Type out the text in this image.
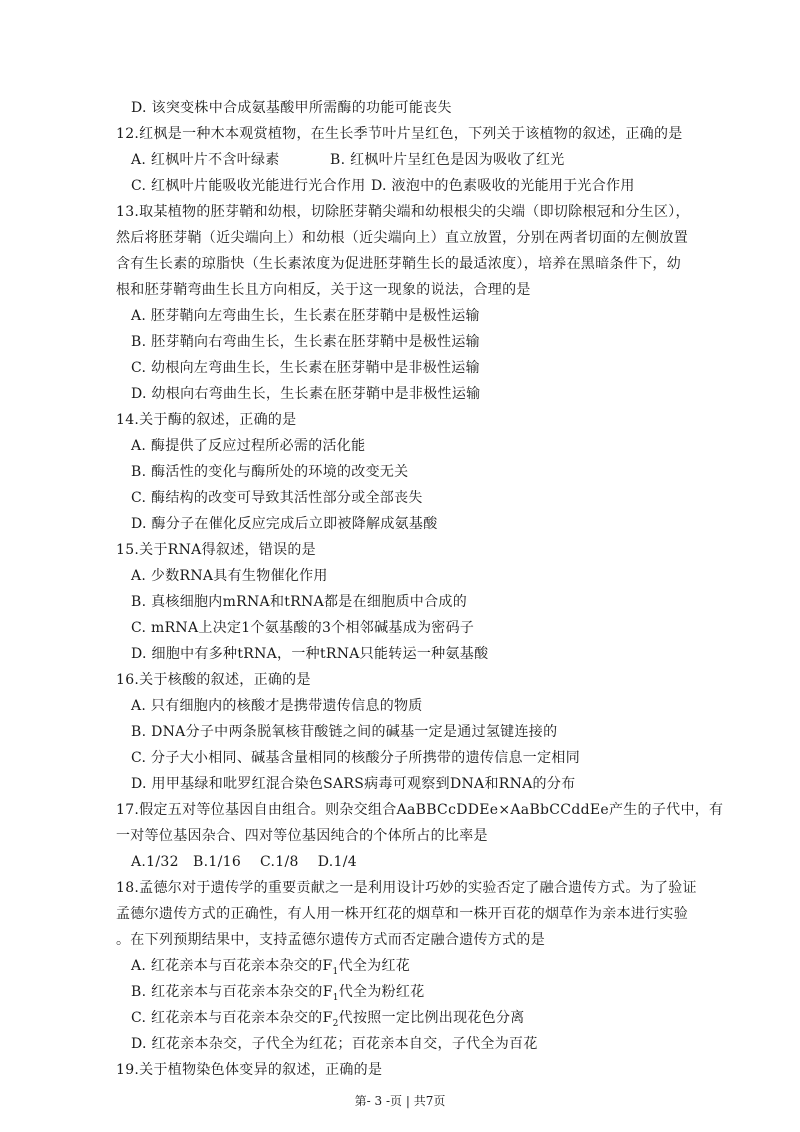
D. 该突变株中合成氨基酸甲所需酶的功能可能丧失
12.红枫是一种木本观赏植物，在生长季节叶片呈红色，下列关于该植物的叙述，正确的是
A. 红枫叶片不含叶绿素	B. 红枫叶片呈红色是因为吸收了红光
C. 红枫叶片能吸收光能进行光合作用 D. 液泡中的色素吸收的光能用于光合作用
13.取某植物的胚芽鞘和幼根，切除胚芽鞘尖端和幼根根尖的尖端（即切除根冠和分生区），
然后将胚芽鞘（近尖端向上）和幼根（近尖端向上）直立放置，分别在两者切面的左侧放置
含有生长素的琼脂快（生长素浓度为促进胚芽鞘生长的最适浓度），培养在黑暗条件下，幼
根和胚芽鞘弯曲生长且方向相反，关于这一现象的说法，合理的是
A. 胚芽鞘向左弯曲生长，生长素在胚芽鞘中是极性运输
B. 胚芽鞘向右弯曲生长，生长素在胚芽鞘中是极性运输
C. 幼根向左弯曲生长，生长素在胚芽鞘中是非极性运输
D. 幼根向右弯曲生长，生长素在胚芽鞘中是非极性运输
14.关于酶的叙述，正确的是
A. 酶提供了反应过程所必需的活化能
B. 酶活性的变化与酶所处的环境的改变无关
C. 酶结构的改变可导致其活性部分或全部丧失
D. 酶分子在催化反应完成后立即被降解成氨基酸
15.关于RNA得叙述，错误的是
A. 少数RNA具有生物催化作用
B. 真核细胞内mRNA和tRNA都是在细胞质中合成的
C. mRNA上决定1个氨基酸的3个相邻碱基成为密码子
D. 细胞中有多种tRNA，一种tRNA只能转运一种氨基酸
16.关于核酸的叙述，正确的是
A. 只有细胞内的核酸才是携带遗传信息的物质
B. DNA分子中两条脱氧核苷酸链之间的碱基一定是通过氢键连接的
C. 分子大小相同、碱基含量相同的核酸分子所携带的遗传信息一定相同
D. 用甲基绿和吡罗红混合染色SARS病毒可观察到DNA和RNA的分布
17.假定五对等位基因自由组合。则杂交组合AaBBCcDDEe×AaBbCCddEe产生的子代中，有
一对等位基因杂合、四对等位基因纯合的个体所占的比率是
A.1/32   B.1/16    C.1/8    D.1/4
18.孟德尔对于遗传学的重要贡献之一是利用设计巧妙的实验否定了融合遗传方式。为了验证
孟德尔遗传方式的正确性，有人用一株开红花的烟草和一株开百花的烟草作为亲本进行实验
。在下列预期结果中，支持孟德尔遗传方式而否定融合遗传方式的是
A. 红花亲本与百花亲本杂交的$F_1$代全为红花
B. 红花亲本与百花亲本杂交的$F_1$代全为粉红花
C. 红花亲本与百花亲本杂交的$F_2$代按照一定比例出现花色分离
D. 红花亲本杂交，子代全为红花；百花亲本自交，子代全为百花
19.关于植物染色体变异的叙述，正确的是
第- 3 -页 | 共7页
